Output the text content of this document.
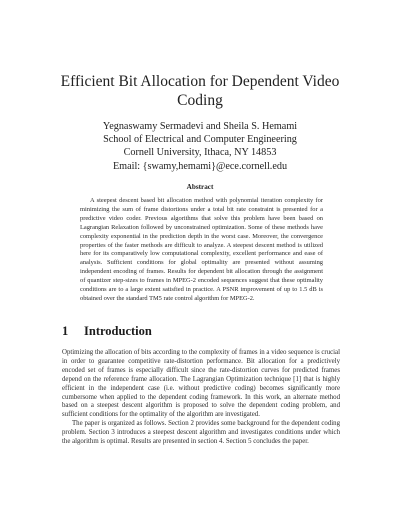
Efficient Bit Allocation for Dependent Video Coding
Yegnaswamy Sermadevi and Sheila S. Hemami
School of Electrical and Computer Engineering
Cornell University, Ithaca, NY 14853
Email: {swamy,hemami}@ece.cornell.edu
Abstract

A steepest descent based bit allocation method with polynomial iteration complexity for minimizing the sum of frame distortions under a total bit rate constraint is presented for a predictive video coder. Previous algorithms that solve this problem have been based on Lagrangian Relaxation followed by unconstrained optimization. Some of these methods have complexity exponential in the prediction depth in the worst case. Moreover, the convergence properties of the faster methods are difficult to analyze. A steepest descent method is utilized here for its comparatively low computational complexity, excellent performance and ease of analysis. Sufficient conditions for global optimality are presented without assuming independent encoding of frames. Results for dependent bit allocation through the assignment of quantizer step-sizes to frames in MPEG-2 encoded sequences suggest that these optimality conditions are to a large extent satisfied in practice. A PSNR improvement of up to 1.5 dB is obtained over the standard TM5 rate control algorithm for MPEG-2.

1 Introduction

Optimizing the allocation of bits according to the complexity of frames in a video sequence is crucial in order to guarantee competitive rate-distortion performance. Bit allocation for a predictively encoded set of frames is especially difficult since the rate-distortion curves for predicted frames depend on the reference frame allocation. The Lagrangian Optimization technique [1] that is highly efficient in the independent case (i.e. without predictive coding) becomes significantly more cumbersome when applied to the dependent coding framework. In this work, an alternate method based on a steepest descent algorithm is proposed to solve the dependent coding problem, and sufficient conditions for the optimality of the algorithm are investigated.

The paper is organized as follows. Section 2 provides some background for the dependent coding problem. Section 3 introduces a steepest descent algorithm and investigates conditions under which the algorithm is optimal. Results are presented in section 4. Section 5 concludes the paper.
